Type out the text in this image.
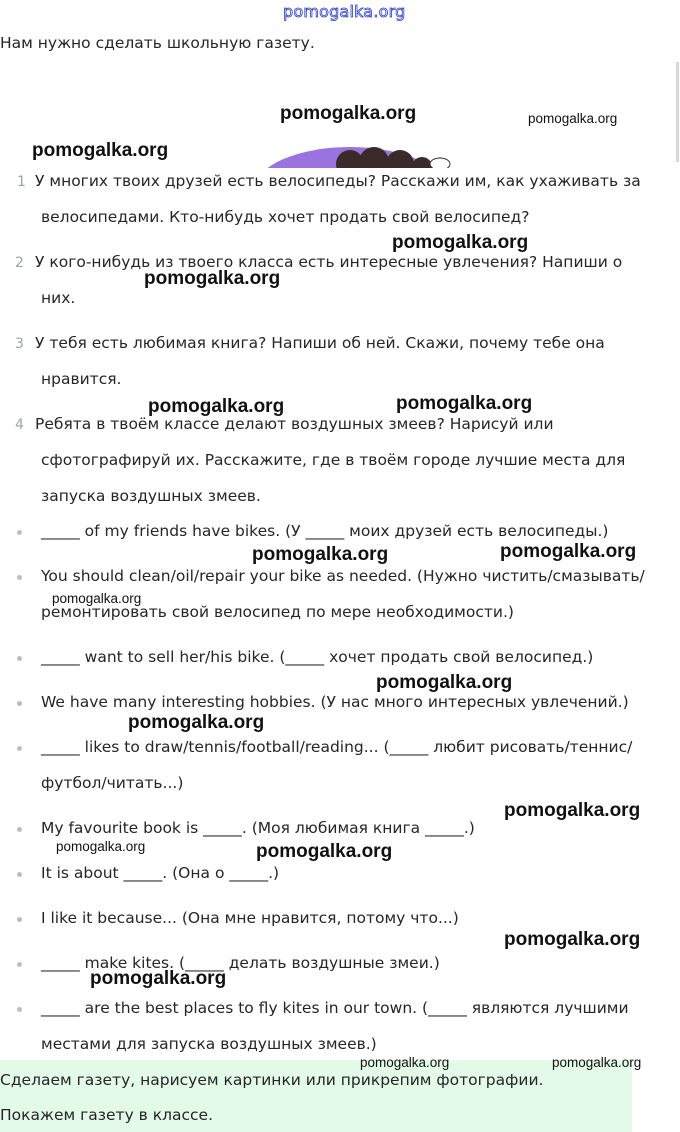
pomogalka.org
Нам нужно сделать школьную газету.
1 У многих твоих друзей есть велосипеды? Расскажи им, как ухаживать за
велосипедами. Кто-нибудь хочет продать свой велосипед?
2 У кого-нибудь из твоего класса есть интересные увлечения? Напиши о
них.
3 У тебя есть любимая книга? Напиши об ней. Скажи, почему тебе она
нравится.
4 Ребята в твоём классе делают воздушных змеев? Нарисуй или
сфотографируй их. Расскажите, где в твоём городе лучшие места для
запуска воздушных змеев.
_____ of my friends have bikes. (У _____ моих друзей есть велосипеды.)
You should clean/oil/repair your bike as needed. (Нужно чистить/смазывать/
ремонтировать свой велосипед по мере необходимости.)
_____ want to sell her/his bike. (_____ хочет продать свой велосипед.)
We have many interesting hobbies. (У нас много интересных увлечений.)
_____ likes to draw/tennis/football/reading... (_____ любит рисовать/теннис/
футбол/читать...)
My favourite book is _____. (Моя любимая книга _____.)
It is about _____. (Она о _____.)
I like it because... (Она мне нравится, потому что...)
_____ make kites. (_____ делать воздушные змеи.)
_____ are the best places to fly kites in our town. (_____ являются лучшими
местами для запуска воздушных змеев.)
Сделаем газету, нарисуем картинки или прикрепим фотографии.
Покажем газету в классе.
pomogalka.org	pomogalka.org
pomogalka.org
pomogalka.org
pomogalka.org
pomogalka.org	pomogalka.org
pomogalka.org	pomogalka.org
pomogalka.org
pomogalka.org
pomogalka.org
pomogalka.org
pomogalka.org	pomogalka.org
pomogalka.org
pomogalka.org
pomogalka.org	pomogalka.org
